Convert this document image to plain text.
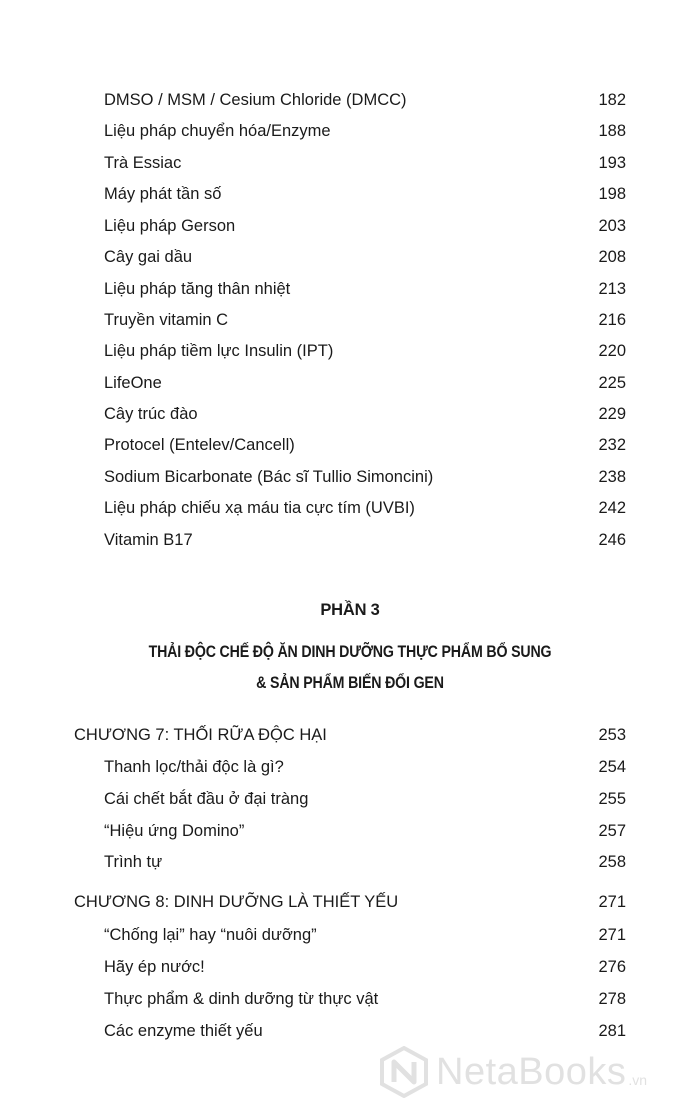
DMSO / MSM / Cesium Chloride (DMCC)	182
Liệu pháp chuyển hóa/Enzyme	188
Trà Essiac	193
Máy phát tần số	198
Liệu pháp Gerson	203
Cây gai dầu	208
Liệu pháp tăng thân nhiệt	213
Truyền vitamin C	216
Liệu pháp tiềm lực Insulin (IPT)	220
LifeOne	225
Cây trúc đào	229
Protocel (Entelev/Cancell)	232
Sodium Bicarbonate (Bác sĩ Tullio Simoncini)	238
Liệu pháp chiếu xạ máu tia cực tím (UVBI)	242
Vitamin B17	246
PHẦN 3
THẢI ĐỘC CHẾ ĐỘ ĂN DINH DƯỠNG THỰC PHẨM BỔ SUNG
& SẢN PHẨM BIẾN ĐỔI GEN
CHƯƠNG 7: THỐI RỮA ĐỘC HẠI	253
Thanh lọc/thải độc là gì?	254
Cái chết bắt đầu ở đại tràng	255
“Hiệu ứng Domino”	257
Trình tự	258
CHƯƠNG 8: DINH DƯỠNG LÀ THIẾT YẾU	271
“Chống lại” hay “nuôi dưỡng”	271
Hãy ép nước!	276
Thực phẩm & dinh dưỡng từ thực vật	278
Các enzyme thiết yếu	281
NetaBooks .vn
